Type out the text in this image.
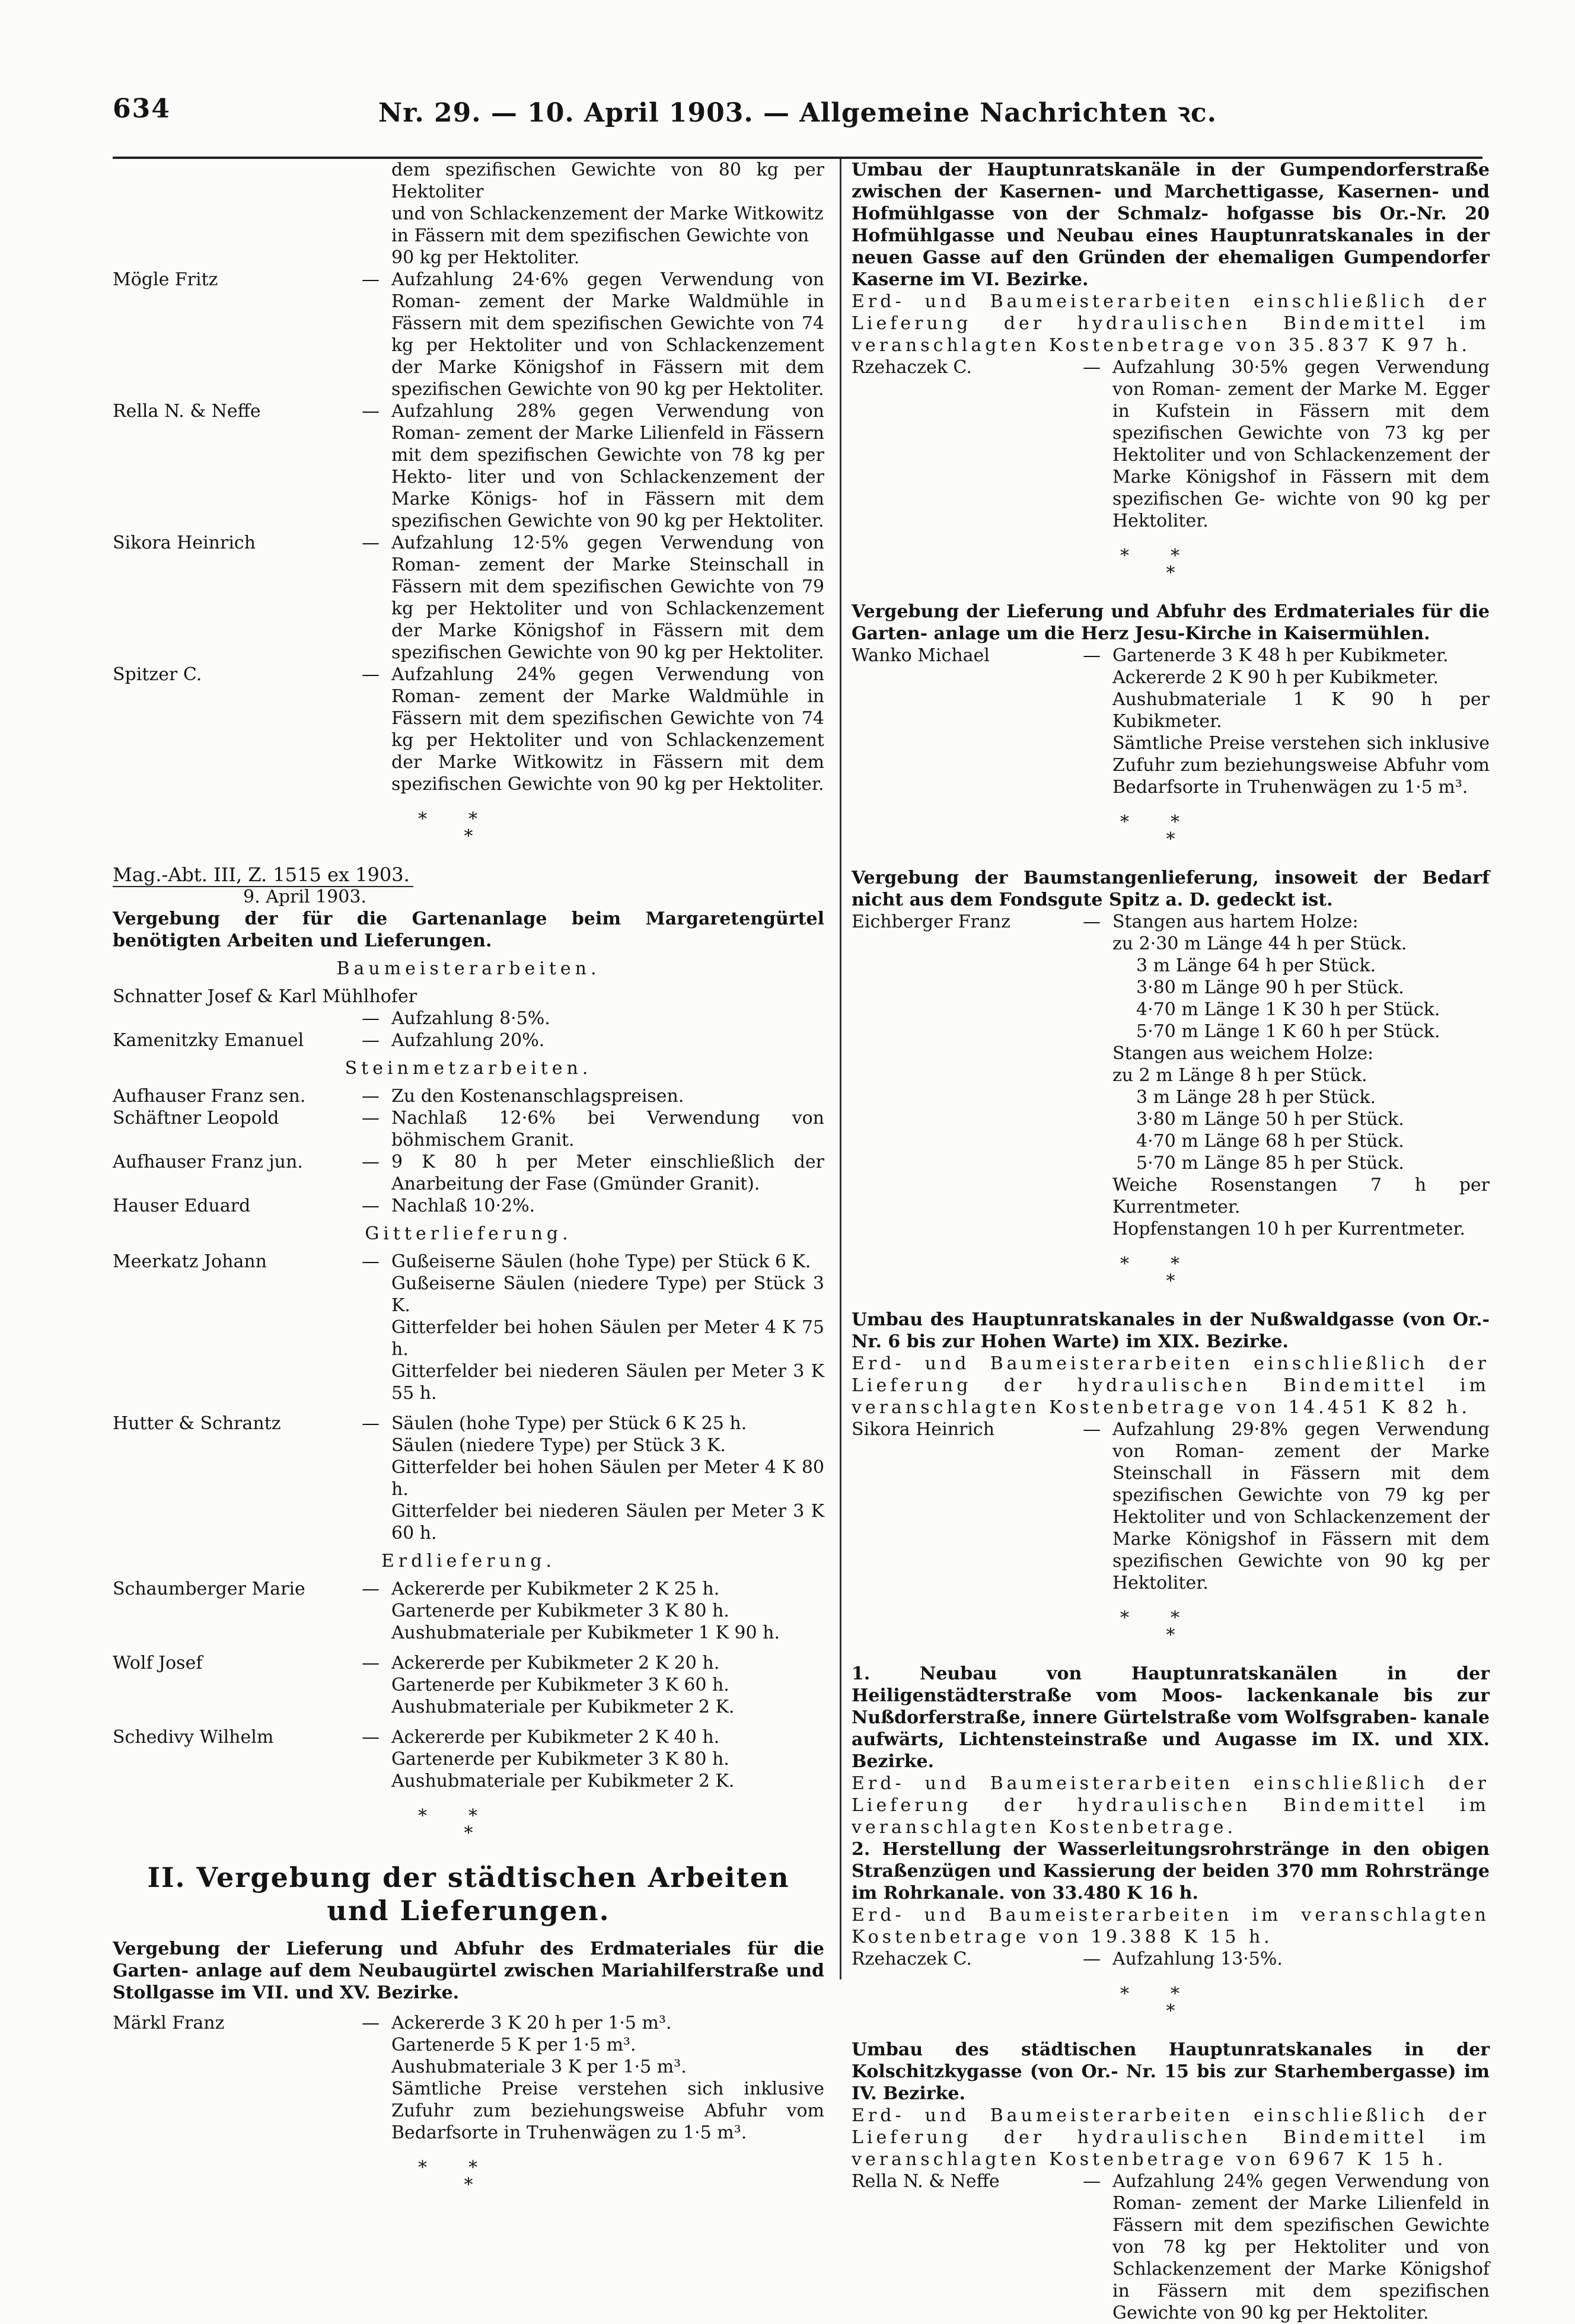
634	Nr. 29. — 10. April 1903. — Allgemeine Nachrichten ꝛc.
dem spezifischen Gewichte von 80 kg per Hektoliter
und von Schlackenzement der Marke Witkowitz
in Fässern mit dem spezifischen Gewichte von
90 kg per Hektoliter.
Mögle Fritz	— Aufzahlung 24·6% gegen Verwendung von Roman- zement der Marke Waldmühle in Fässern mit dem spezifischen Gewichte von 74 kg per Hektoliter und von Schlackenzement der Marke Königshof in Fässern mit dem spezifischen Gewichte von 90 kg per Hektoliter.
Rella N. & Neffe	— Aufzahlung 28% gegen Verwendung von Roman- zement der Marke Lilienfeld in Fässern mit dem spezifischen Gewichte von 78 kg per Hekto- liter und von Schlackenzement der Marke Königs- hof in Fässern mit dem spezifischen Gewichte von 90 kg per Hektoliter.
Sikora Heinrich	— Aufzahlung 12·5% gegen Verwendung von Roman- zement der Marke Steinschall in Fässern mit dem spezifischen Gewichte von 79 kg per Hektoliter und von Schlackenzement der Marke Königshof in Fässern mit dem spezifischen Gewichte von 90 kg per Hektoliter.
Spitzer C.	— Aufzahlung 24% gegen Verwendung von Roman- zement der Marke Waldmühle in Fässern mit dem spezifischen Gewichte von 74 kg per Hektoliter und von Schlackenzement der Marke Witkowitz in Fässern mit dem spezifischen Gewichte von 90 kg per Hektoliter.
**
*
Mag.-Abt. III, Z. 1515 ex 1903.
9. April 1903.
Vergebung der für die Gartenanlage beim Margaretengürtel benötigten Arbeiten und Lieferungen.
Baumeisterarbeiten.
Schnatter Josef & Karl Mühlhofer
— Aufzahlung 8·5%.
Kamenitzky Emanuel	— Aufzahlung 20%.
Steinmetzarbeiten.
Aufhauser Franz sen.	— Zu den Kostenanschlagspreisen.
Schäftner Leopold	— Nachlaß 12·6% bei Verwendung von böhmischem Granit.
Aufhauser Franz jun.	— 9 K 80 h per Meter einschließlich der Anarbeitung der Fase (Gmünder Granit).
Hauser Eduard	— Nachlaß 10·2%.
Gitterlieferung.
Meerkatz Johann	— Gußeiserne Säulen (hohe Type) per Stück 6 K.
Gußeiserne Säulen (niedere Type) per Stück 3 K.
Gitterfelder bei hohen Säulen per Meter 4 K 75 h.
Gitterfelder bei niederen Säulen per Meter 3 K 55 h.
Hutter & Schrantz	— Säulen (hohe Type) per Stück 6 K 25 h.
Säulen (niedere Type) per Stück 3 K.
Gitterfelder bei hohen Säulen per Meter 4 K 80 h.
Gitterfelder bei niederen Säulen per Meter 3 K 60 h.
Erdlieferung.
Schaumberger Marie	— Ackererde per Kubikmeter 2 K 25 h.
Gartenerde per Kubikmeter 3 K 80 h.
Aushubmateriale per Kubikmeter 1 K 90 h.
Wolf Josef	— Ackererde per Kubikmeter 2 K 20 h.
Gartenerde per Kubikmeter 3 K 60 h.
Aushubmateriale per Kubikmeter 2 K.
Schedivy Wilhelm	— Ackererde per Kubikmeter 2 K 40 h.
Gartenerde per Kubikmeter 3 K 80 h.
Aushubmateriale per Kubikmeter 2 K.
**
*
II. Vergebung der städtischen Arbeiten und Lieferungen.
Vergebung der Lieferung und Abfuhr des Erdmateriales für die Garten- anlage auf dem Neubaugürtel zwischen Mariahilferstraße und Stollgasse im VII. und XV. Bezirke.
Märkl Franz	— Ackererde 3 K 20 h per 1·5 m³.
Gartenerde 5 K per 1·5 m³.
Aushubmateriale 3 K per 1·5 m³.
Sämtliche Preise verstehen sich inklusive Zufuhr zum beziehungsweise Abfuhr vom Bedarfsorte in Truhenwägen zu 1·5 m³.
**
*
Umbau der Hauptunratskanäle in der Gumpendorferstraße zwischen der Kasernen- und Marchettigasse, Kasernen- und Hofmühlgasse von der Schmalz- hofgasse bis Or.-Nr. 20 Hofmühlgasse und Neubau eines Hauptunratskanales in der neuen Gasse auf den Gründen der ehemaligen Gumpendorfer Kaserne im VI. Bezirke.
Erd- und Baumeisterarbeiten einschließlich der Lieferung der hydraulischen Bindemittel im veranschlagten Kostenbetrage von 35.837 K 97 h.
Rzehaczek C.	— Aufzahlung 30·5% gegen Verwendung von Roman- zement der Marke M. Egger in Kufstein in Fässern mit dem spezifischen Gewichte von 73 kg per Hektoliter und von Schlackenzement der Marke Königshof in Fässern mit dem spezifischen Ge- wichte von 90 kg per Hektoliter.
**
*
Vergebung der Lieferung und Abfuhr des Erdmateriales für die Garten- anlage um die Herz Jesu-Kirche in Kaisermühlen.
Wanko Michael	— Gartenerde 3 K 48 h per Kubikmeter.
Ackererde 2 K 90 h per Kubikmeter.
Aushubmateriale 1 K 90 h per Kubikmeter.
Sämtliche Preise verstehen sich inklusive Zufuhr zum beziehungsweise Abfuhr vom Bedarfsorte in Truhenwägen zu 1·5 m³.
**
*
Vergebung der Baumstangenlieferung, insoweit der Bedarf nicht aus dem Fondsgute Spitz a. D. gedeckt ist.
Eichberger Franz	— Stangen aus hartem Holze:
zu 2·30 m Länge 44 h per Stück.
3 m Länge 64 h per Stück.
3·80 m Länge 90 h per Stück.
4·70 m Länge 1 K 30 h per Stück.
5·70 m Länge 1 K 60 h per Stück.
Stangen aus weichem Holze:
zu 2 m Länge 8 h per Stück.
3 m Länge 28 h per Stück.
3·80 m Länge 50 h per Stück.
4·70 m Länge 68 h per Stück.
5·70 m Länge 85 h per Stück.
Weiche Rosenstangen 7 h per Kurrentmeter.
Hopfenstangen 10 h per Kurrentmeter.
**
*
Umbau des Hauptunratskanales in der Nußwaldgasse (von Or.-Nr. 6 bis zur Hohen Warte) im XIX. Bezirke.
Erd- und Baumeisterarbeiten einschließlich der Lieferung der hydraulischen Bindemittel im veranschlagten Kostenbetrage von 14.451 K 82 h.
Sikora Heinrich	— Aufzahlung 29·8% gegen Verwendung von Roman- zement der Marke Steinschall in Fässern mit dem spezifischen Gewichte von 79 kg per Hektoliter und von Schlackenzement der Marke Königshof in Fässern mit dem spezifischen Gewichte von 90 kg per Hektoliter.
**
*
1. Neubau von Hauptunratskanälen in der Heiligenstädterstraße vom Moos- lackenkanale bis zur Nußdorferstraße, innere Gürtelstraße vom Wolfsgraben- kanale aufwärts, Lichtensteinstraße und Augasse im IX. und XIX. Bezirke.
Erd- und Baumeisterarbeiten einschließlich der Lieferung der hydraulischen Bindemittel im veranschlagten Kostenbetrage.
2. Herstellung der Wasserleitungsrohrstränge in den obigen Straßenzügen und Kassierung der beiden 370 mm Rohrstränge im Rohrkanale. von 33.480 K 16 h.
Erd- und Baumeisterarbeiten im veranschlagten Kostenbetrage von 19.388 K 15 h.
Rzehaczek C.	— Aufzahlung 13·5%.
**
*
Umbau des städtischen Hauptunratskanales in der Kolschitzkygasse (von Or.- Nr. 15 bis zur Starhembergasse) im IV. Bezirke.
Erd- und Baumeisterarbeiten einschließlich der Lieferung der hydraulischen Bindemittel im veranschlagten Kostenbetrage von 6967 K 15 h.
Rella N. & Neffe	— Aufzahlung 24% gegen Verwendung von Roman- zement der Marke Lilienfeld in Fässern mit dem spezifischen Gewichte von 78 kg per Hektoliter und von Schlackenzement der Marke Königshof in Fässern mit dem spezifischen Gewichte von 90 kg per Hektoliter.
